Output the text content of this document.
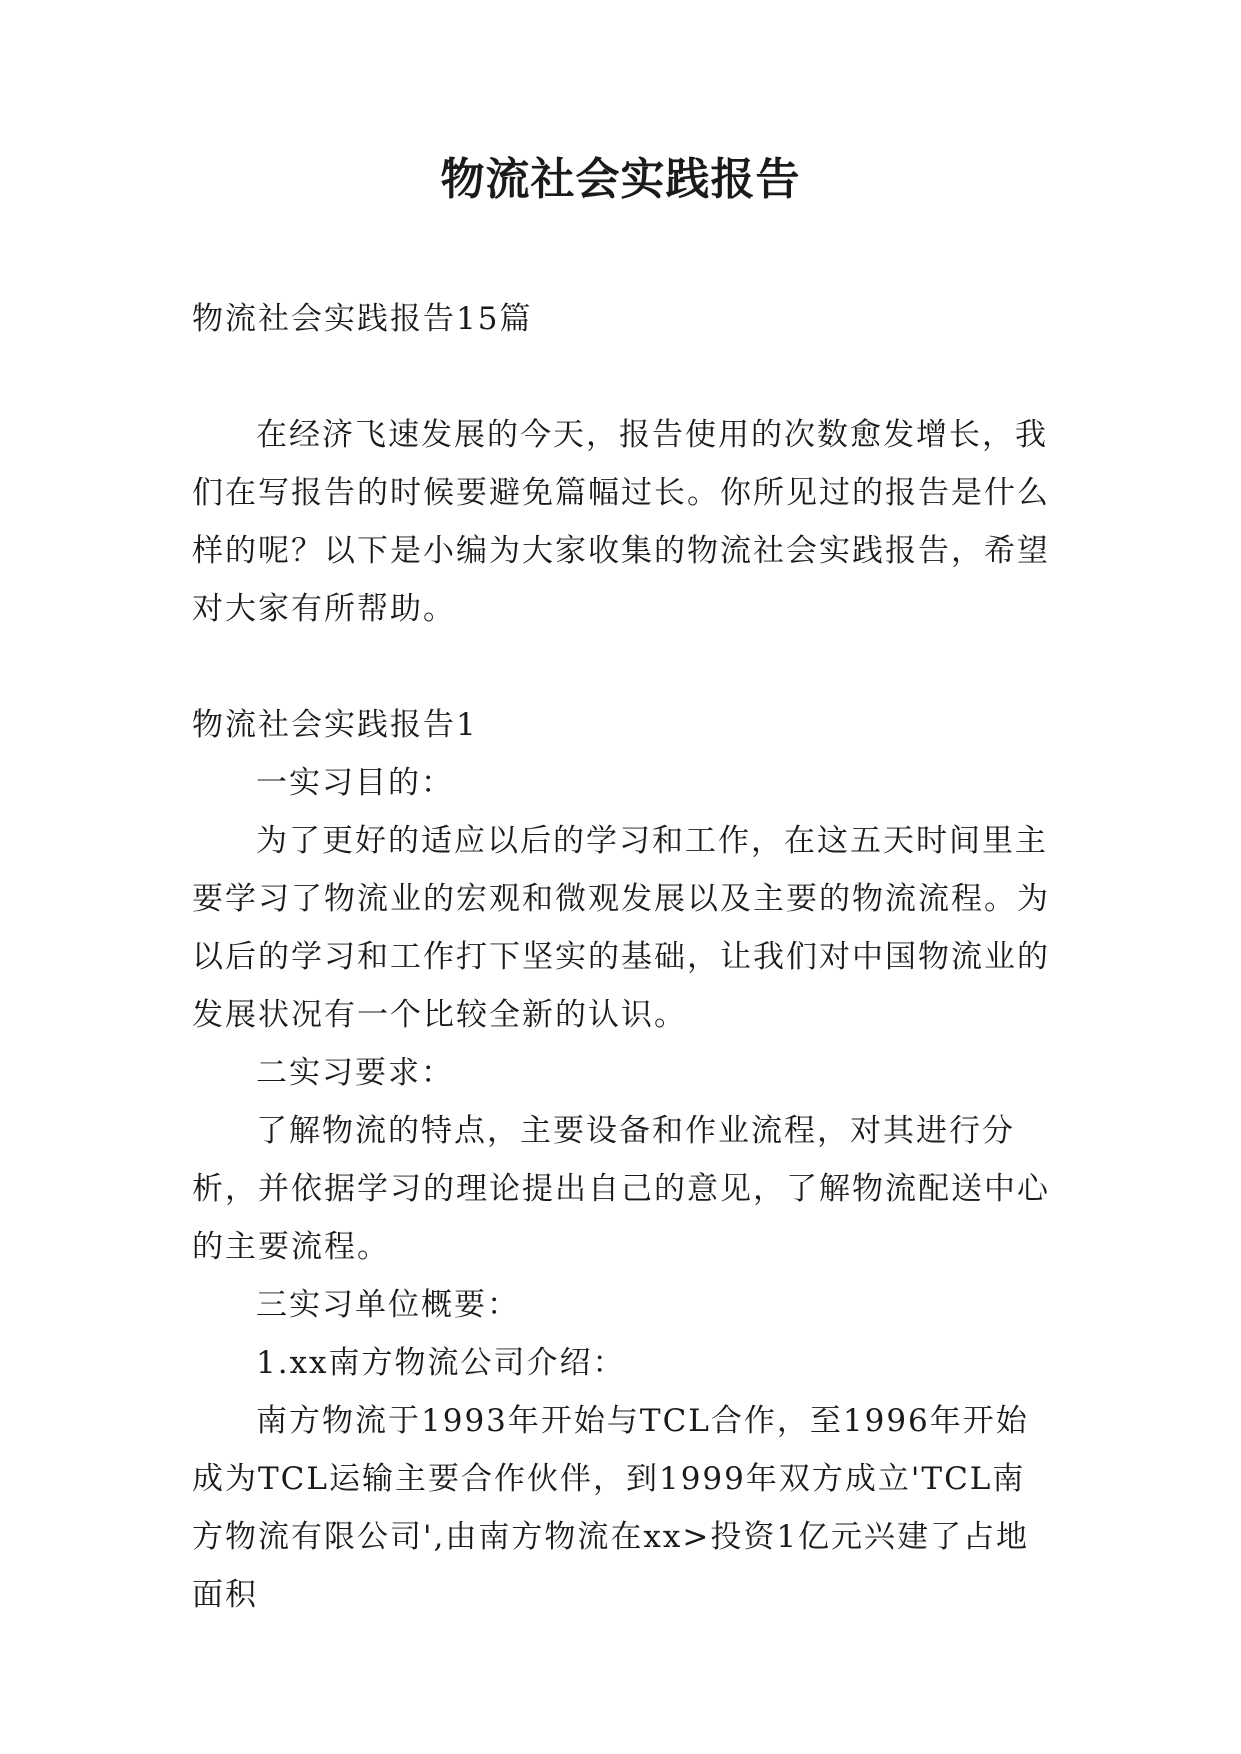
物流社会实践报告

物流社会实践报告15篇

在经济飞速发展的今天，报告使用的次数愈发增长，我们在写报告的时候要避免篇幅过长。你所见过的报告是什么样的呢？以下是小编为大家收集的物流社会实践报告，希望对大家有所帮助。

物流社会实践报告1

一实习目的：

为了更好的适应以后的学习和工作，在这五天时间里主要学习了物流业的宏观和微观发展以及主要的物流流程。为以后的学习和工作打下坚实的基础，让我们对中国物流业的发展状况有一个比较全新的认识。

二实习要求：

了解物流的特点，主要设备和作业流程，对其进行分析，并依据学习的理论提出自己的意见，了解物流配送中心的主要流程。

三实习单位概要：

1.xx南方物流公司介绍：

南方物流于1993年开始与TCL合作，至1996年开始成为TCL运输主要合作伙伴，到1999年双方成立'TCL南方物流有限公司',由南方物流在xx>投资1亿元兴建了占地面积
